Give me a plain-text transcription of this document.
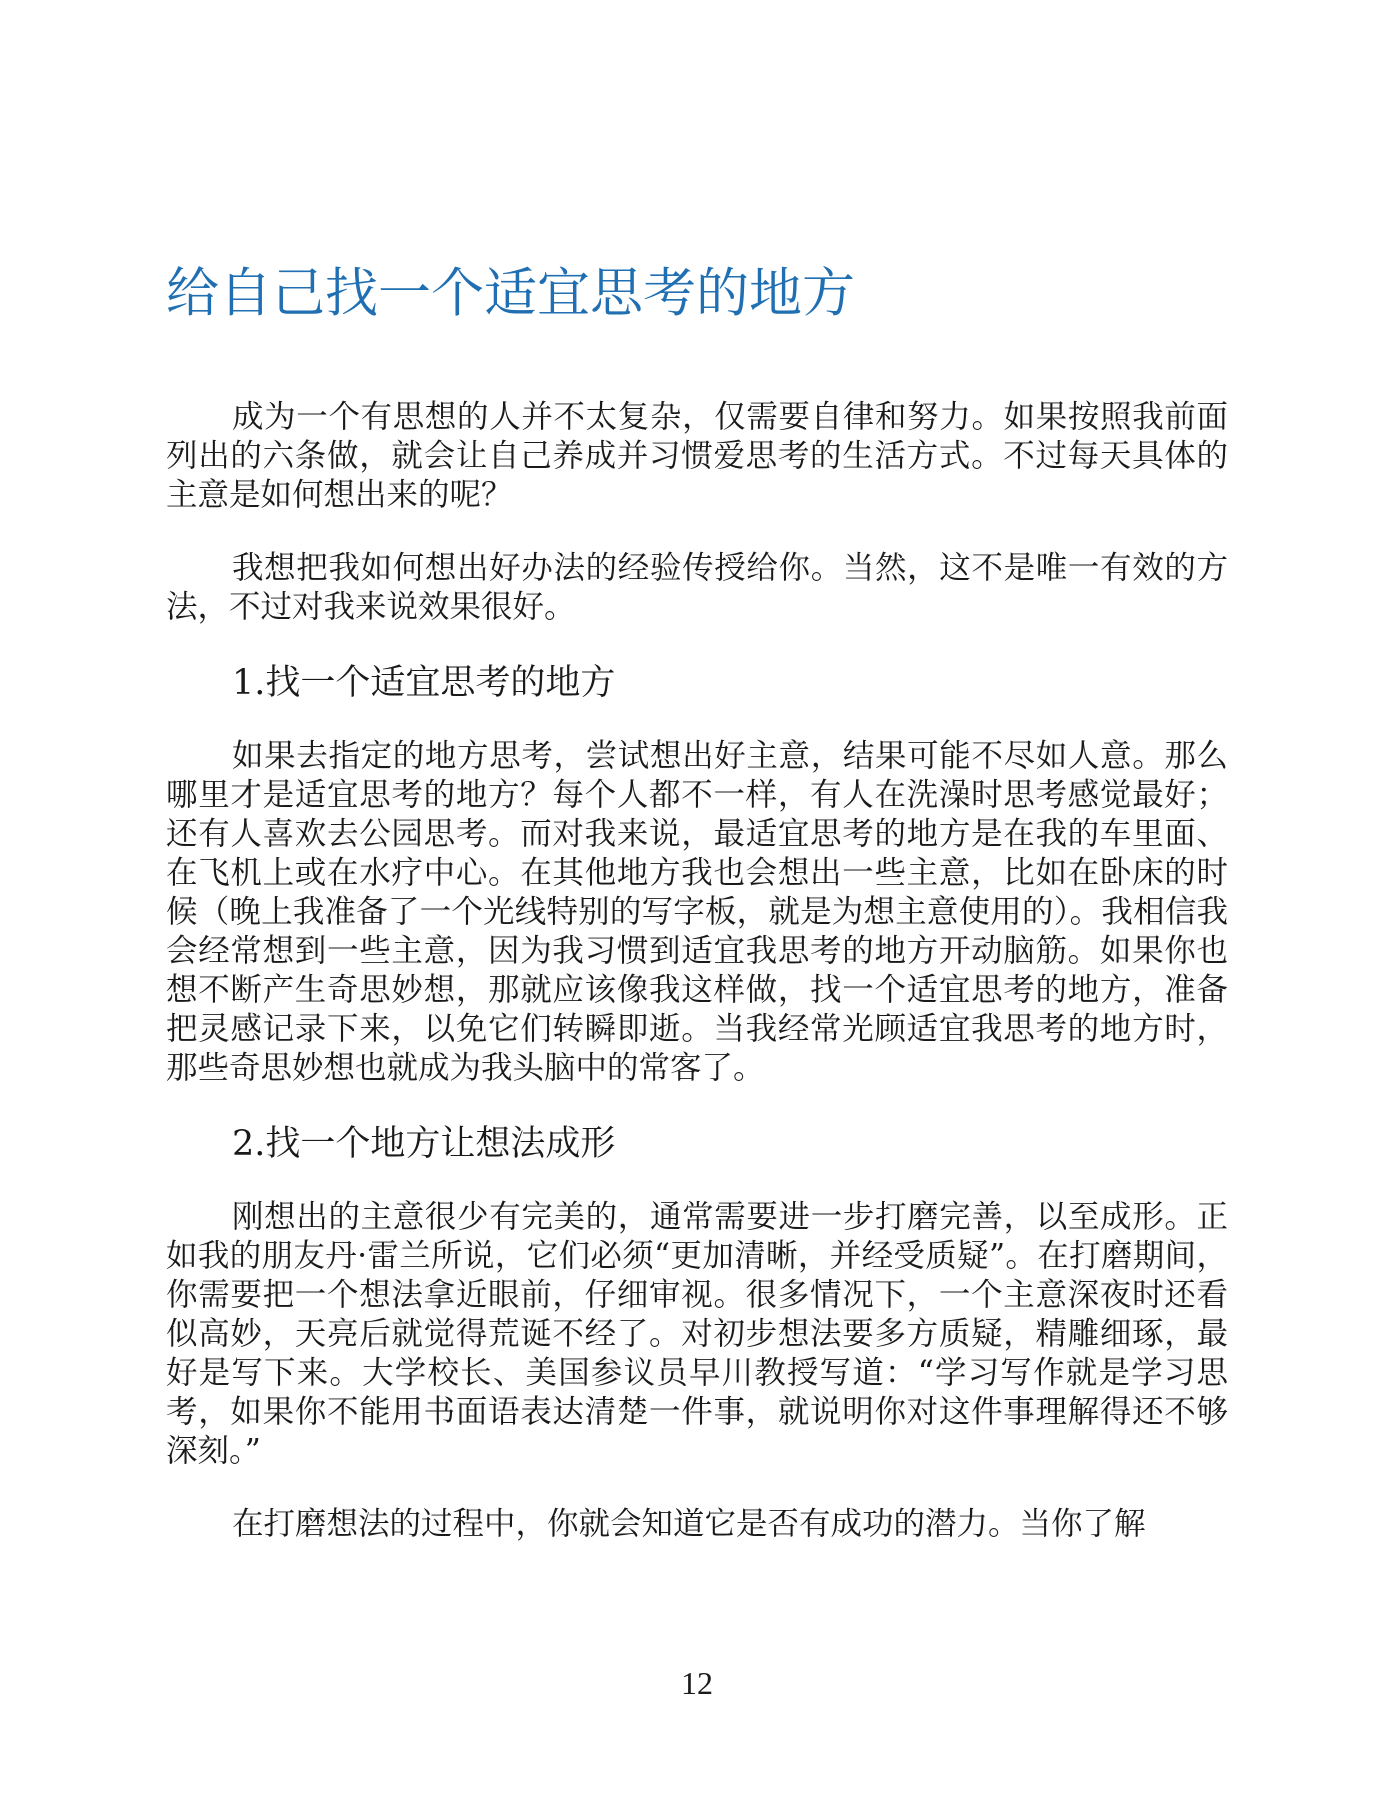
给自己找一个适宜思考的地方

成为一个有思想的人并不太复杂，仅需要自律和努力。如果按照我前面列出的六条做，就会让自己养成并习惯爱思考的生活方式。不过每天具体的主意是如何想出来的呢？

我想把我如何想出好办法的经验传授给你。当然，这不是唯一有效的方法，不过对我来说效果很好。

1.找一个适宜思考的地方

如果去指定的地方思考，尝试想出好主意，结果可能不尽如人意。那么哪里才是适宜思考的地方？每个人都不一样，有人在洗澡时思考感觉最好；还有人喜欢去公园思考。而对我来说，最适宜思考的地方是在我的车里面、在飞机上或在水疗中心。在其他地方我也会想出一些主意，比如在卧床的时候（晚上我准备了一个光线特别的写字板，就是为想主意使用的）。我相信我会经常想到一些主意，因为我习惯到适宜我思考的地方开动脑筋。如果你也想不断产生奇思妙想，那就应该像我这样做，找一个适宜思考的地方，准备把灵感记录下来，以免它们转瞬即逝。当我经常光顾适宜我思考的地方时，那些奇思妙想也就成为我头脑中的常客了。

2.找一个地方让想法成形

刚想出的主意很少有完美的，通常需要进一步打磨完善，以至成形。正如我的朋友丹·雷兰所说，它们必须“更加清晰，并经受质疑”。在打磨期间，你需要把一个想法拿近眼前，仔细审视。很多情况下，一个主意深夜时还看似高妙，天亮后就觉得荒诞不经了。对初步想法要多方质疑，精雕细琢，最好是写下来。大学校长、美国参议员早川教授写道：“学习写作就是学习思考，如果你不能用书面语表达清楚一件事，就说明你对这件事理解得还不够深刻。”

在打磨想法的过程中，你就会知道它是否有成功的潜力。当你了解

12
